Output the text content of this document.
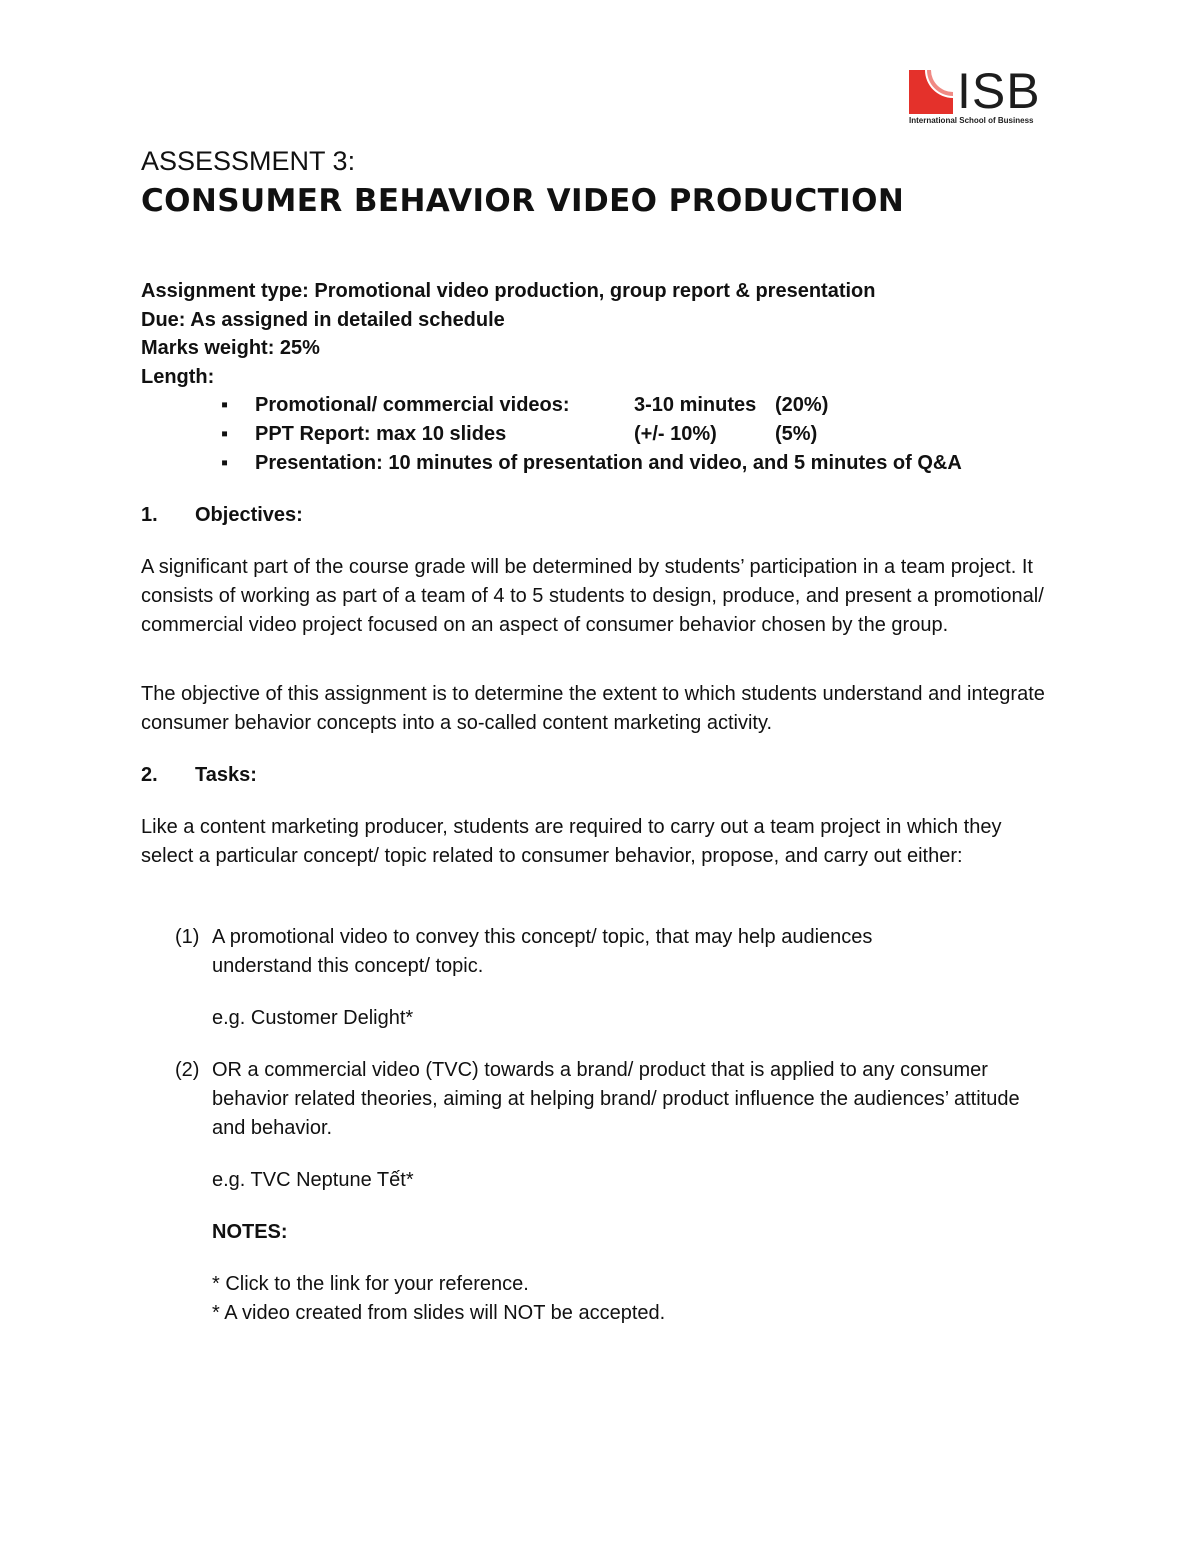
ISB
International School of Business
ASSESSMENT 3:
CONSUMER BEHAVIOR VIDEO PRODUCTION
Assignment type: Promotional video production, group report & presentation
Due: As assigned in detailed schedule
Marks weight: 25%
Length:
▪ Promotional/ commercial videos:	3-10 minutes (20%)
▪ PPT Report: max 10 slides	(+/- 10%)	(5%)
▪ Presentation: 10 minutes of presentation and video, and 5 minutes of Q&A
1. Objectives:
A significant part of the course grade will be determined by students’ participation in a team project. It consists of working as part of a team of 4 to 5 students to design, produce, and present a promotional/ commercial video project focused on an aspect of consumer behavior chosen by the group.
The objective of this assignment is to determine the extent to which students understand and integrate consumer behavior concepts into a so-called content marketing activity.
2. Tasks:
Like a content marketing producer, students are required to carry out a team project in which they select a particular concept/ topic related to consumer behavior, propose, and carry out either:
(1) A promotional video to convey this concept/ topic, that may help audiences understand this concept/ topic.
e.g. Customer Delight*
(2) OR a commercial video (TVC) towards a brand/ product that is applied to any consumer behavior related theories, aiming at helping brand/ product influence the audiences’ attitude and behavior.
e.g. TVC Neptune Tết*
NOTES:
* Click to the link for your reference.
* A video created from slides will NOT be accepted.
